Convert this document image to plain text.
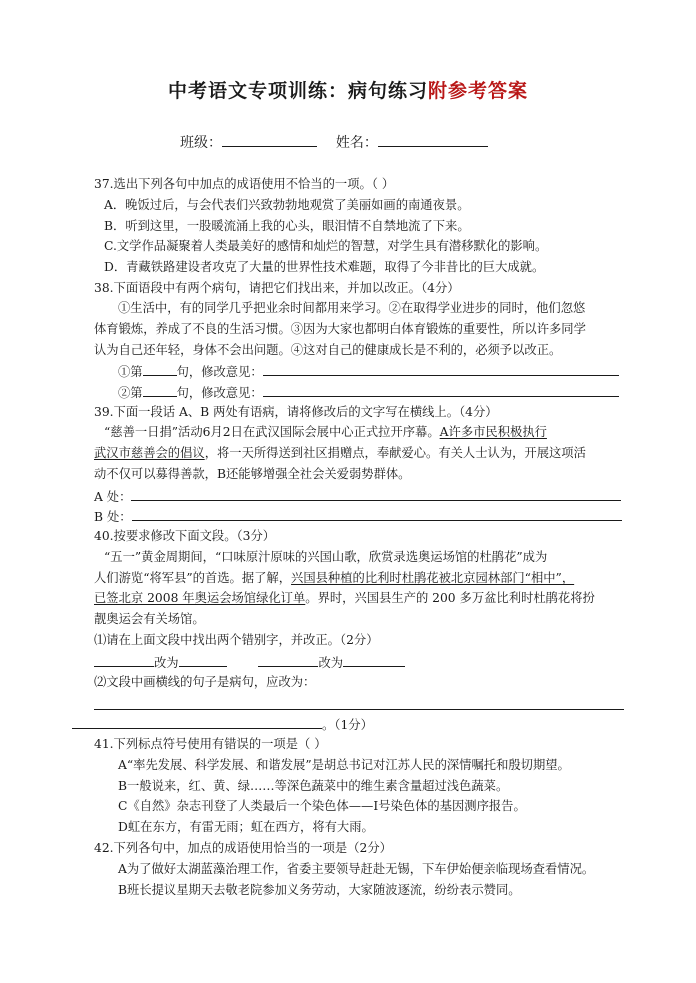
中考语文专项训练：病句练习附参考答案
班级：	姓名：
37.选出下列各句中加点的成语使用不恰当的一项。（ ）
A．晚饭过后，与会代表们兴致勃勃地观赏了美丽如画的南通夜景。
B．听到这里，一股暖流涌上我的心头，眼泪情不自禁地流了下来。
C.文学作品凝聚着人类最美好的感情和灿烂的智慧，对学生具有潜移默化的影响。
D．青藏铁路建设者攻克了大量的世界性技术难题，取得了今非昔比的巨大成就。
38.下面语段中有两个病句，请把它们找出来，并加以改正。（4分）
①生活中，有的同学几乎把业余时间都用来学习。②在取得学业进步的同时，他们忽悠
体育锻炼，养成了不良的生活习惯。③因为大家也都明白体育锻炼的重要性，所以许多同学
认为自己还年轻，身体不会出问题。④这对自己的健康成长是不利的，必须予以改正。
①第	句，修改意见：
②第	句，修改意见：
39.下面一段话 A、B 两处有语病，请将修改后的文字写在横线上。（4分）
“慈善一日捐”活动6月2日在武汉国际会展中心正式拉开序幕。A许多市民积极执行
武汉市慈善会的倡议，将一天所得送到社区捐赠点，奉献爱心。有关人士认为，开展这项活
动不仅可以募得善款，B还能够增强全社会关爱弱势群体。
A 处：
B 处：
40.按要求修改下面文段。（3分）
“五一”黄金周期间，“口味原汁原味的兴国山歌，欣赏录选奥运场馆的杜鹃花”成为
人们游览“将军县”的首选。据了解，兴国县种植的比利时杜鹃花被北京园林部门“相中”，
已签北京 2008 年奥运会场馆绿化订单。界时，兴国县生产的 200 多万盆比利时杜鹃花将扮
靓奥运会有关场馆。
⑴请在上面文段中找出两个错别字，并改正。（2分）
改为	改为
⑵文段中画横线的句子是病句，应改为：
。（1分）
41.下列标点符号使用有错误的一项是（ ）
A“率先发展、科学发展、和谐发展”是胡总书记对江苏人民的深情嘱托和殷切期望。
B一般说来，红、黄、绿……等深色蔬菜中的维生素含量超过浅色蔬菜。
C《自然》杂志刊登了人类最后一个染色体——Ⅰ号染色体的基因测序报告。
D虹在东方，有雷无雨；虹在西方，将有大雨。
42.下列各句中，加点的成语使用恰当的一项是（2分）
A为了做好太湖蓝藻治理工作，省委主要领导赶赴无锡，下车伊始便亲临现场查看情况。
B班长提议星期天去敬老院参加义务劳动，大家随波逐流，纷纷表示赞同。
